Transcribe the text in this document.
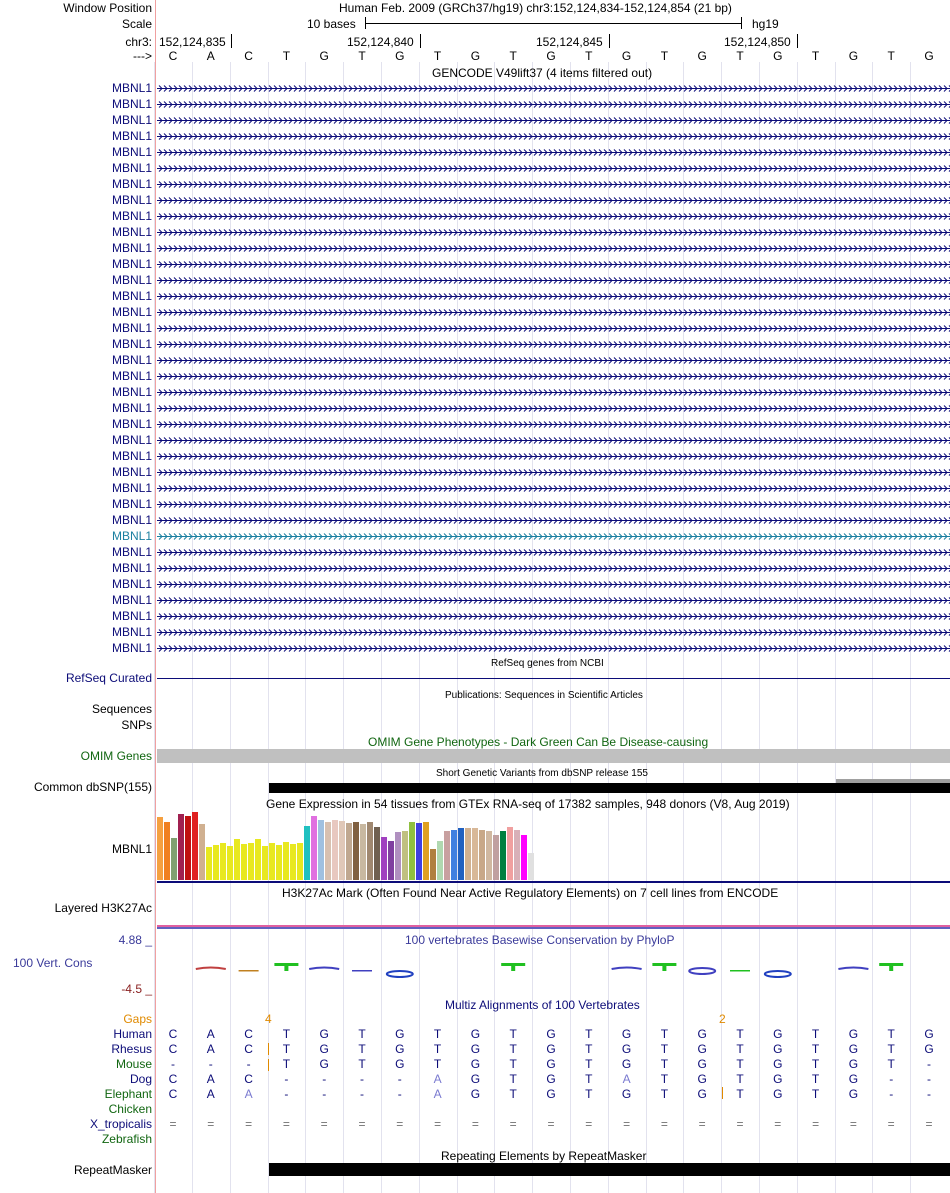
Window Position
Scale
chr3:
--->
Human Feb. 2009 (GRCh37/hg19) chr3:152,124,834-152,124,854 (21 bp)
10 bases	hg19
152,124,835	152,124,840	152,124,845	152,124,850
C	A	C	T	G	T	G	T	G	T	G	T	G	T	G	T	G	T	G	T	G
GENCODE V49lift37 (4 items filtered out)
MBNL1
MBNL1
MBNL1
MBNL1
MBNL1
MBNL1
MBNL1
MBNL1
MBNL1
MBNL1
MBNL1
MBNL1
MBNL1
MBNL1
MBNL1
MBNL1
MBNL1
MBNL1
MBNL1
MBNL1
MBNL1
MBNL1
MBNL1
MBNL1
MBNL1
MBNL1
MBNL1
MBNL1
MBNL1
MBNL1
MBNL1
MBNL1
MBNL1
MBNL1
MBNL1
MBNL1
RefSeq genes from NCBI
RefSeq Curated
Publications: Sequences in Scientific Articles
Sequences
SNPs
OMIM Gene Phenotypes - Dark Green Can Be Disease-causing
OMIM Genes
Short Genetic Variants from dbSNP release 155
Common dbSNP(155)
Gene Expression in 54 tissues from GTEx RNA-seq of 17382 samples, 948 donors (V8, Aug 2019)
MBNL1
H3K27Ac Mark (Often Found Near Active Regulatory Elements) on 7 cell lines from ENCODE
Layered H3K27Ac
4.88 _	100 vertebrates Basewise Conservation by PhyloP
100 Vert. Cons
-4.5 _
Multiz Alignments of 100 Vertebrates
Gaps	4	2
Human	C	A	C	T	G	T	G	T	G	T	G	T	G	T	G	T	G	T	G	T	G
Rhesus	C	A	C	T	G	T	G	T	G	T	G	T	G	T	G	T	G	T	G	T	G
Mouse	-	-	-	T	G	T	G	T	G	T	G	T	G	T	G	T	G	T	G	T	-
Dog	C	A	C	-	-	-	-	A	G	T	G	T	A	T	G	T	G	T	G	-	-
Elephant	C	A	A	-	-	-	-	A	G	T	G	T	G	T	G	T	G	T	G	-	-
Chicken
X_tropicalis	=	=	=	=	=	=	=	=	=	=	=	=	=	=	=	=	=	=	=	=	=
Zebrafish
Repeating Elements by RepeatMasker
RepeatMasker
